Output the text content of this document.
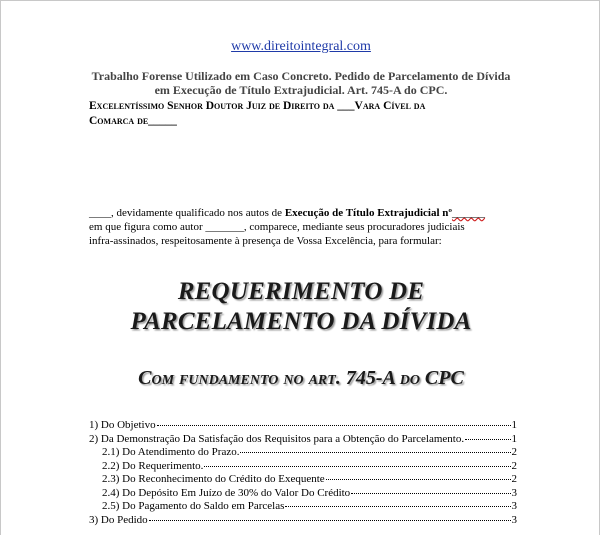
www.direitointegral.com
Trabalho Forense Utilizado em Caso Concreto. Pedido de Parcelamento de Dívida
em Execução de Título Extrajudicial. Art. 745-A do CPC.
Excelentíssimo Senhor Doutor Juiz de Direito da ___Vara Cível da
Comarca de_____
____, devidamente qualificado nos autos de Execução de Título Extrajudicial nº______
em que figura como autor _______, comparece, mediante seus procuradores judiciais
infra-assinados, respeitosamente à presença de Vossa Excelência, para formular:
REQUERIMENTO DE
PARCELAMENTO DA DÍVIDA
Com fundamento no art. 745-A do CPC
1) Do Objetivo	1
2) Da Demonstração Da Satisfação dos Requisitos para a Obtenção do Parcelamento.	1
2.1) Do Atendimento do Prazo.	2
2.2) Do Requerimento.	2
2.3) Do Reconhecimento do Crédito do Exequente	2
2.4) Do Depósito Em Juízo de 30% do Valor Do Crédito	3
2.5) Do Pagamento do Saldo em Parcelas	3
3) Do Pedido	3
